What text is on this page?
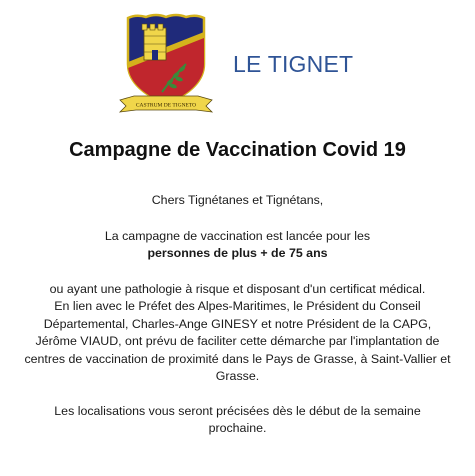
CASTRUM DE TIGNETO
LE TIGNET
Campagne de Vaccination Covid 19

Chers Tignétanes et Tignétans,

La campagne de vaccination est lancée pour les

personnes de plus + de 75 ans

ou ayant une pathologie à risque et disposant d'un certificat médical.

En lien avec le Préfet des Alpes-Maritimes, le Président du Conseil

Départemental, Charles-Ange GINESY et notre Président de la CAPG,

Jérôme VIAUD, ont prévu de faciliter cette démarche par l'implantation de

centres de vaccination de proximité dans le Pays de Grasse, à Saint-Vallier et

Grasse.

Les localisations vous seront précisées dès le début de la semaine

prochaine.
